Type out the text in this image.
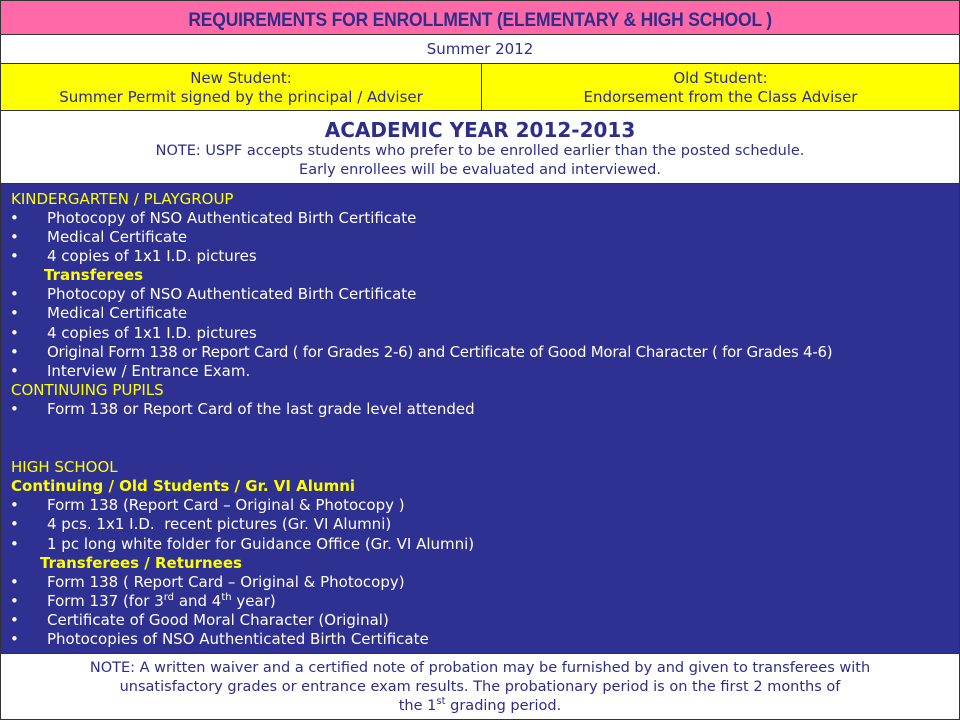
REQUIREMENTS FOR ENROLLMENT (ELEMENTARY & HIGH SCHOOL )
Summer 2012
New Student:
Summer Permit signed by the principal / Adviser
Old Student:
Endorsement from the Class Adviser
ACADEMIC YEAR 2012-2013
NOTE: USPF accepts students who prefer to be enrolled earlier than the posted schedule.
Early enrollees will be evaluated and interviewed.
KINDERGARTEN / PLAYGROUP
• Photocopy of NSO Authenticated Birth Certificate
• Medical Certificate
• 4 copies of 1x1 I.D. pictures
Transferees
• Photocopy of NSO Authenticated Birth Certificate
• Medical Certificate
• 4 copies of 1x1 I.D. pictures
• Original Form 138 or Report Card ( for Grades 2-6) and Certificate of Good Moral Character ( for Grades 4-6)
• Interview / Entrance Exam.
CONTINUING PUPILS
• Form 138 or Report Card of the last grade level attended
HIGH SCHOOL
Continuing / Old Students / Gr. VI Alumni
• Form 138 (Report Card – Original & Photocopy )
• 4 pcs. 1x1 I.D.  recent pictures (Gr. VI Alumni)
• 1 pc long white folder for Guidance Office (Gr. VI Alumni)
Transferees / Returnees
• Form 138 ( Report Card – Original & Photocopy)
• Form 137 (for 3rd and 4th year)
• Certificate of Good Moral Character (Original)
• Photocopies of NSO Authenticated Birth Certificate
NOTE: A written waiver and a certified note of probation may be furnished by and given to transferees with
unsatisfactory grades or entrance exam results. The probationary period is on the first 2 months of
the 1st grading period.
